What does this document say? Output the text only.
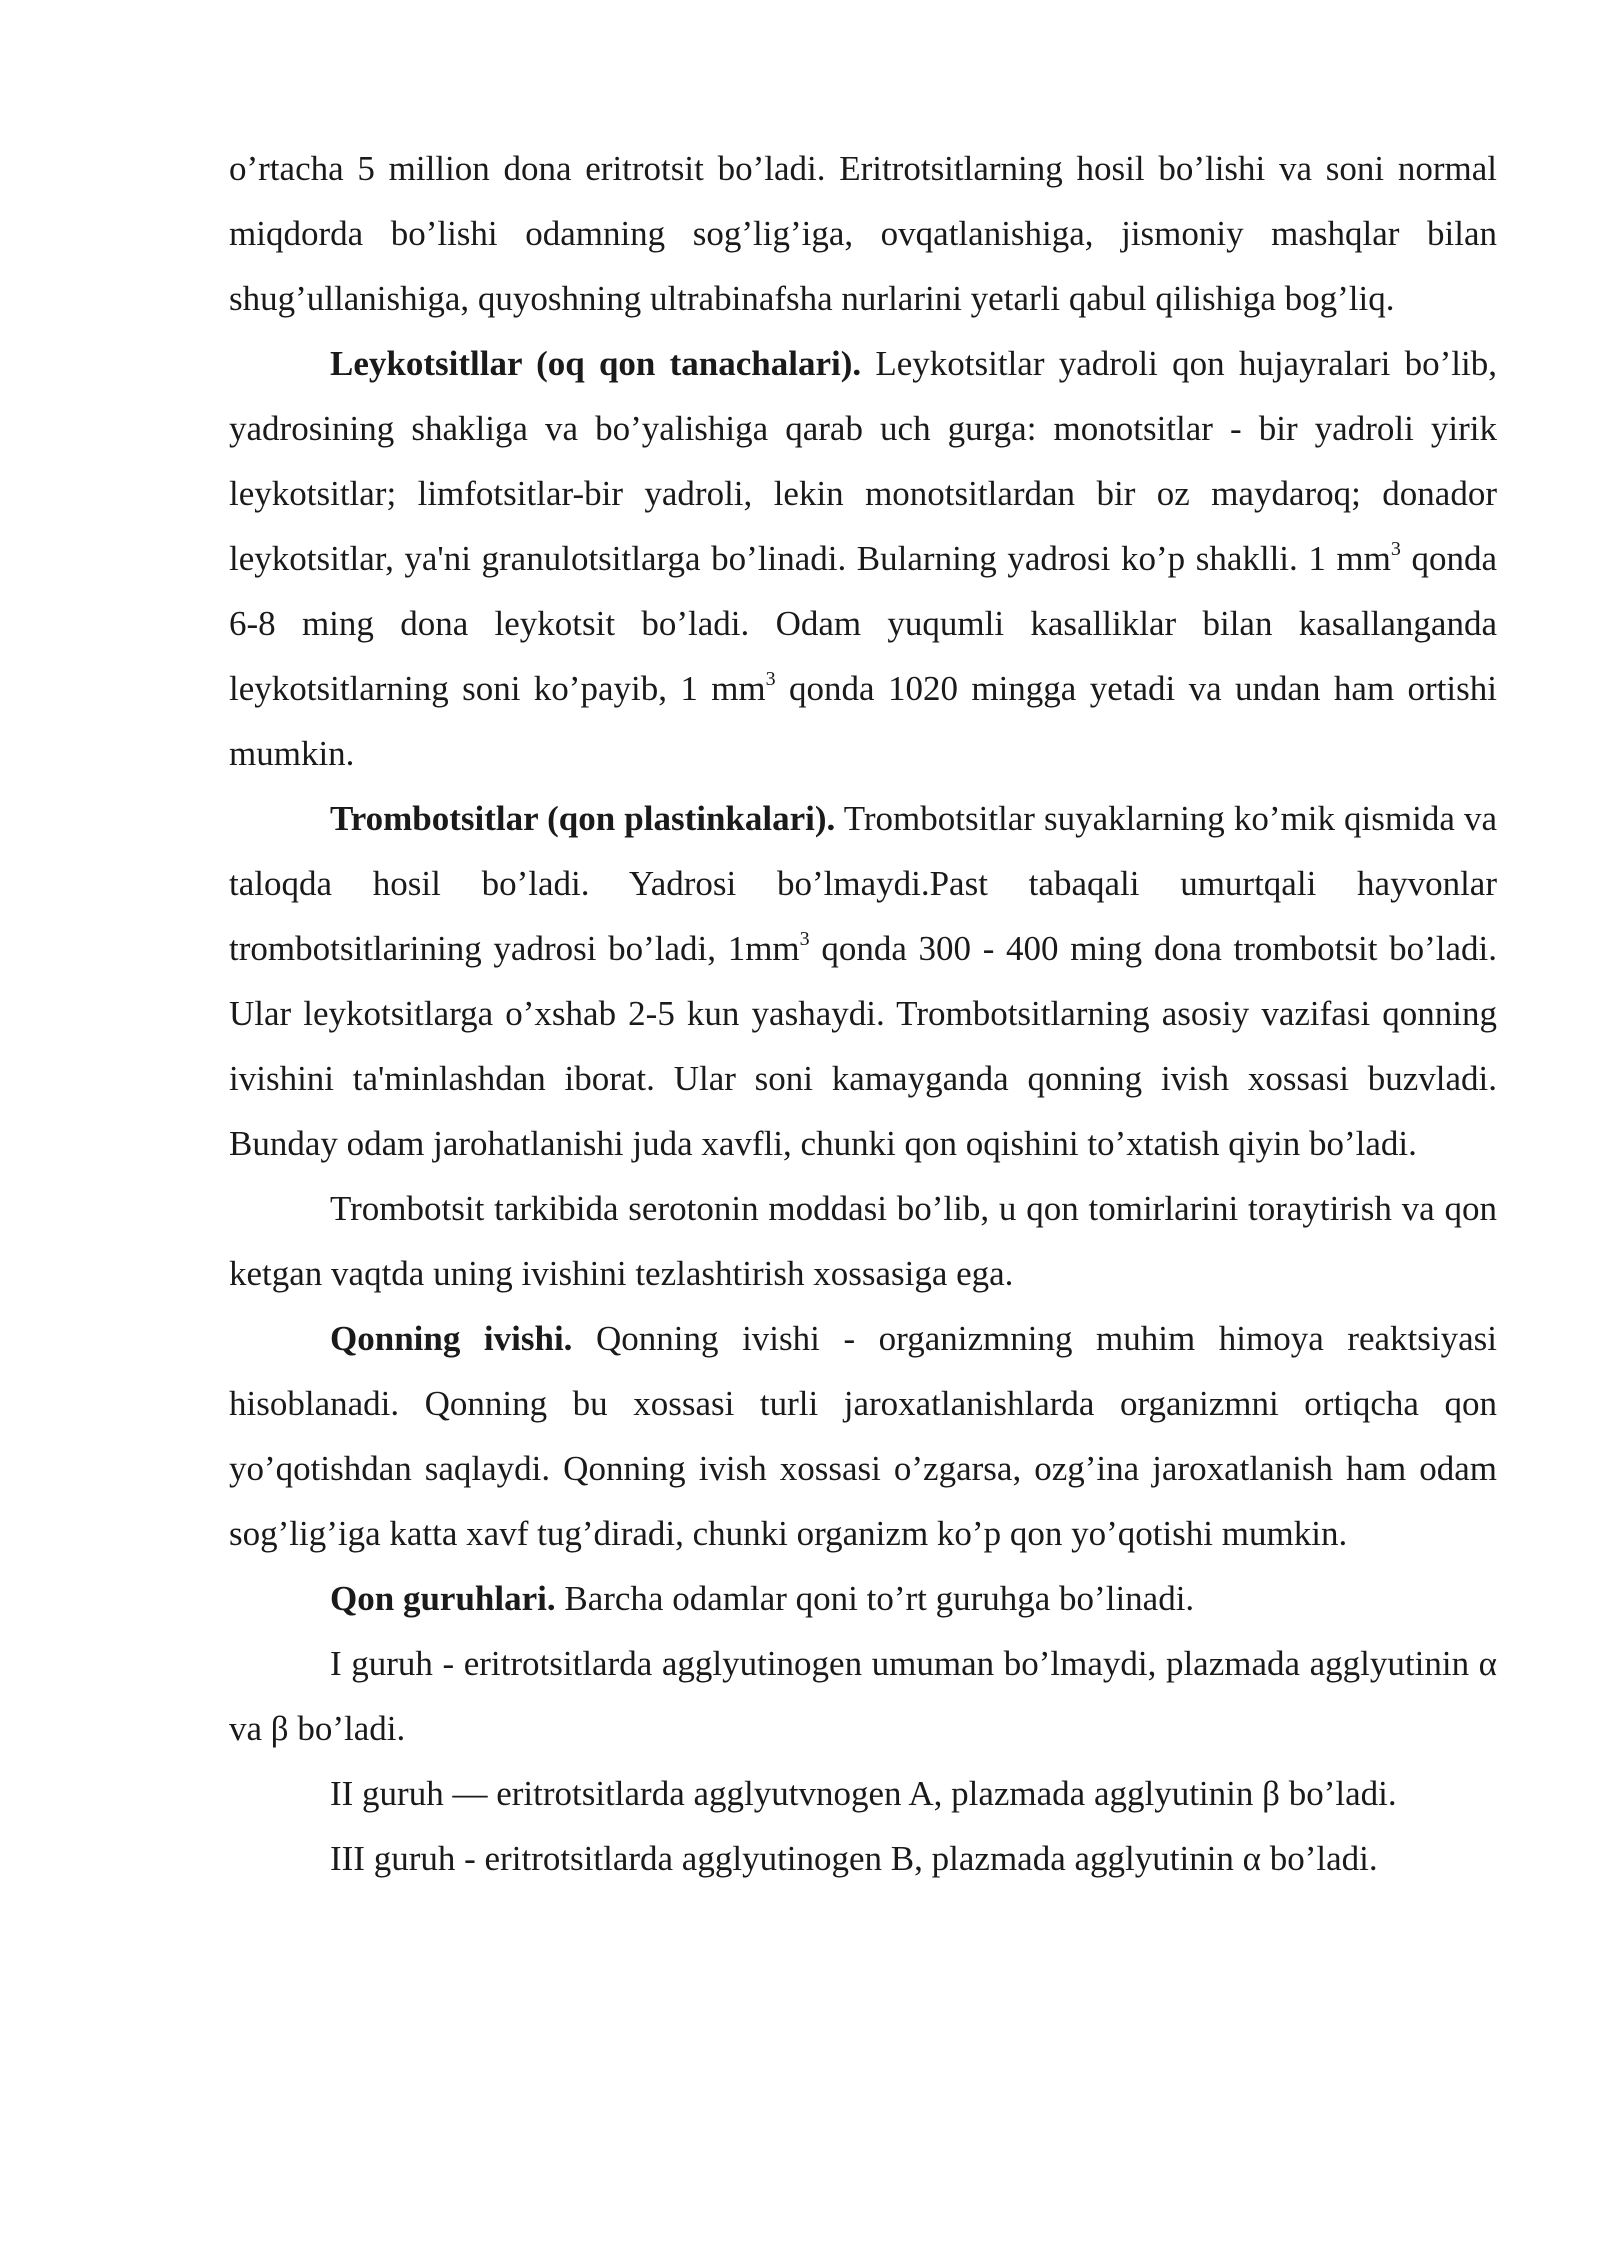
o’rtacha 5 million dona eritrotsit bo’ladi. Eritrotsitlarning hosil bo’lishi va soni normal miqdorda bo’lishi odamning sog’lig’iga, ovqatlanishiga, jismoniy mashqlar bilan shug’ullanishiga, quyoshning ultrabinafsha nurlarini yetarli qabul qilishiga bog’liq.

Leykotsitllar (oq qon tanachalari). Leykotsitlar yadroli qon hujayralari bo’lib, yadrosining shakliga va bo’yalishiga qarab uch gurga: monotsitlar - bir yadroli yirik leykotsitlar; limfotsitlar-bir yadroli, lekin monotsitlardan bir oz maydaroq; donador leykotsitlar, ya'ni granulotsitlarga bo’linadi. Bularning yadrosi ko’p shaklli. 1 $mm^3$ qonda 6-8 ming dona leykotsit bo’ladi. Odam yuqumli kasalliklar bilan kasallanganda leykotsitlarning soni ko’payib, 1 $mm^3$ qonda 1020 mingga yetadi va undan ham ortishi mumkin.

Trombotsitlar (qon plastinkalari). Trombotsitlar suyaklarning ko’mik qismida va taloqda hosil bo’ladi. Yadrosi bo’lmaydi.Past tabaqali umurtqali hayvonlar trombotsitlarining yadrosi bo’ladi, $1mm^3$ qonda 300 - 400 ming dona trombotsit bo’ladi. Ular leykotsitlarga o’xshab 2-5 kun yashaydi. Trombotsitlarning asosiy vazifasi qonning ivishini ta'minlashdan iborat. Ular soni kamayganda qonning ivish xossasi buzvladi. Bunday odam jarohatlanishi juda xavfli, chunki qon oqishini to’xtatish qiyin bo’ladi.

Trombotsit tarkibida serotonin moddasi bo’lib, u qon tomirlarini toraytirish va qon ketgan vaqtda uning ivishini tezlashtirish xossasiga ega.

Qonning ivishi. Qonning ivishi - organizmning muhim himoya reaktsiyasi hisoblanadi. Qonning bu xossasi turli jaroxatlanishlarda organizmni ortiqcha qon yo’qotishdan saqlaydi. Qonning ivish xossasi o’zgarsa, ozg’ina jaroxatlanish ham odam sog’lig’iga katta xavf tug’diradi, chunki organizm ko’p qon yo’qotishi mumkin.

Qon guruhlari. Barcha odamlar qoni to’rt guruhga bo’linadi.

I guruh - eritrotsitlarda agglyutinogen umuman bo’lmaydi, plazmada agglyutinin α va β bo’ladi.

II guruh — eritrotsitlarda agglyutvnogen A, plazmada agglyutinin β bo’ladi.

III guruh - eritrotsitlarda agglyutinogen B, plazmada agglyutinin α bo’ladi.
